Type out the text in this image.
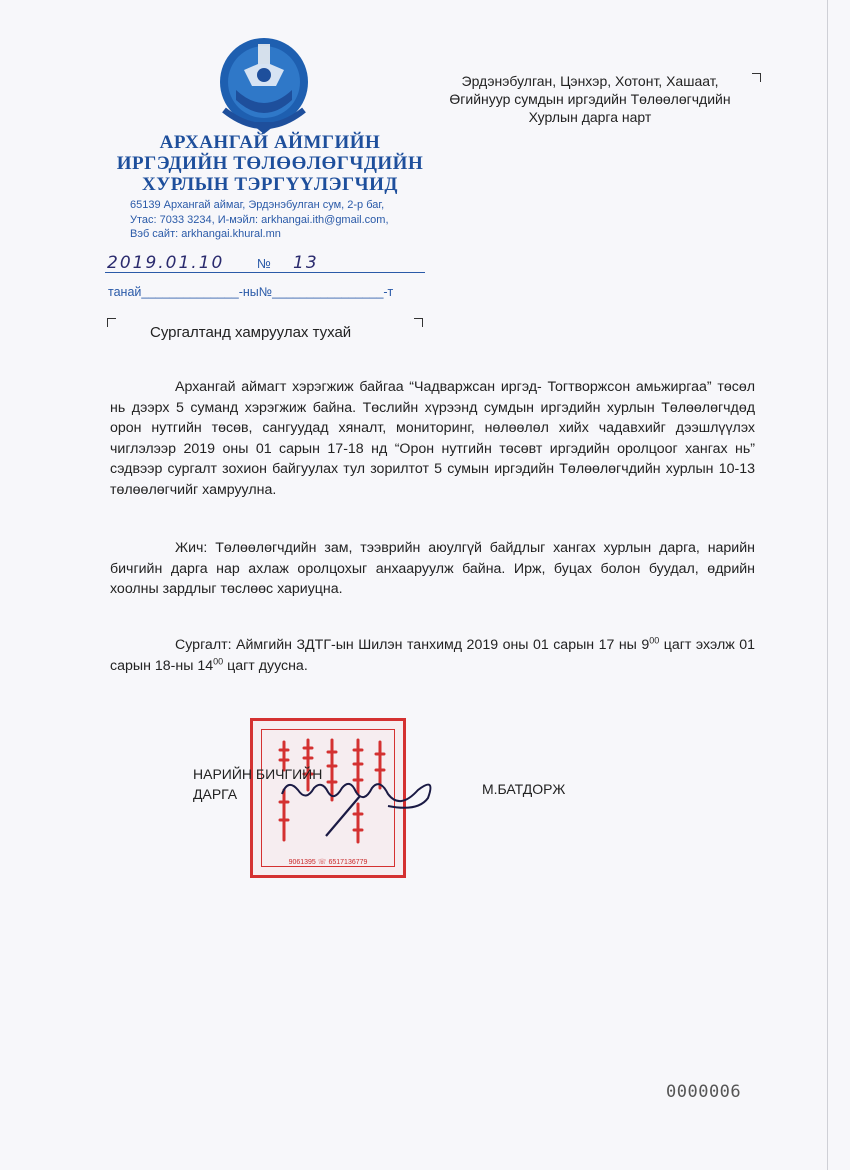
АРХАНГАЙ АЙМГИЙН
ИРГЭДИЙН ТӨЛӨӨЛӨГЧДИЙН
ХУРЛЫН ТЭРГҮҮЛЭГЧИД
65139 Архангай аймаг, Эрдэнэбулган сум, 2-р баг,
Утас: 7033 3234, И-мэйл: arkhangai.ith@gmail.com,
Вэб сайт: arkhangai.khural.mn
Эрдэнэбулган, Цэнхэр, Хотонт, Хашаат,
Өгийнуур сумдын иргэдийн Төлөөлөгчдийн
Хурлын дарга нарт
2019.01.10	№ 13
танай______________-ны№________________-т
Сургалтанд хамруулах тухай
Архангай аймагт хэрэгжиж байгаа “Чадваржсан иргэд- Тогтворжсон амьжиргаа” төсөл нь дээрх 5 суманд хэрэгжиж байна. Төслийн хүрээнд сумдын иргэдийн хурлын Төлөөлөгчдөд орон нутгийн төсөв, сангуудад хяналт, мониторинг, нөлөөлөл хийх чадавхийг дээшлүүлэх чиглэлээр 2019 оны 01 сарын 17-18 нд “Орон нутгийн төсөвт иргэдийн оролцоог хангах нь” сэдвээр сургалт зохион байгуулах тул зорилтот 5 сумын иргэдийн Төлөөлөгчдийн хурлын 10-13 төлөөлөгчийг хамруулна.
Жич: Төлөөлөгчдийн зам, тээврийн аюулгүй байдлыг хангах хурлын дарга, нарийн бичгийн дарга нар ахлаж оролцохыг анхааруулж байна. Ирж, буцах болон буудал, өдрийн хоолны зардлыг төслөөс хариуцна.
Сургалт: Аймгийн ЗДТГ-ын Шилэн танхимд 2019 оны 01 сарын 17 ны $9^{00}$ цагт эхэлж 01 сарын 18-ны $14^{00}$ цагт дуусна.
9061395 ☏ 6517136779
НАРИЙН БИЧГИЙН
ДАРГА	М.БАТДОРЖ
0000006
